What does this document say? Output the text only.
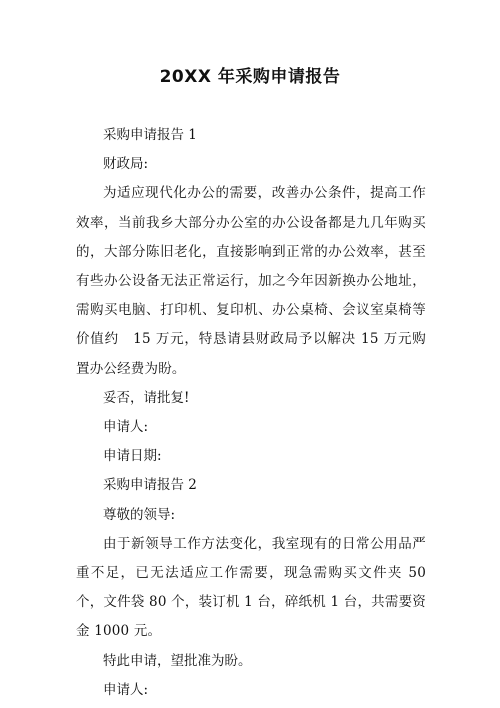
20XX 年采购申请报告

采购申请报告 1

财政局:

为适应现代化办公的需要，改善办公条件，提高工作效率，当前我乡大部分办公室的办公设备都是九几年购买的，大部分陈旧老化，直接影响到正常的办公效率，甚至有些办公设备无法正常运行，加之今年因新换办公地址，需购买电脑、打印机、复印机、办公桌椅、会议室桌椅等价值约　15 万元，特恳请县财政局予以解决 15 万元购置办公经费为盼。

妥否，请批复!

申请人:

申请日期:

采购申请报告 2

尊敬的领导:

由于新领导工作方法变化，我室现有的日常公用品严重不足，已无法适应工作需要，现急需购买文件夹 50 个，文件袋 80 个，装订机 1 台，碎纸机 1 台，共需要资金 1000 元。

特此申请，望批准为盼。

申请人:
